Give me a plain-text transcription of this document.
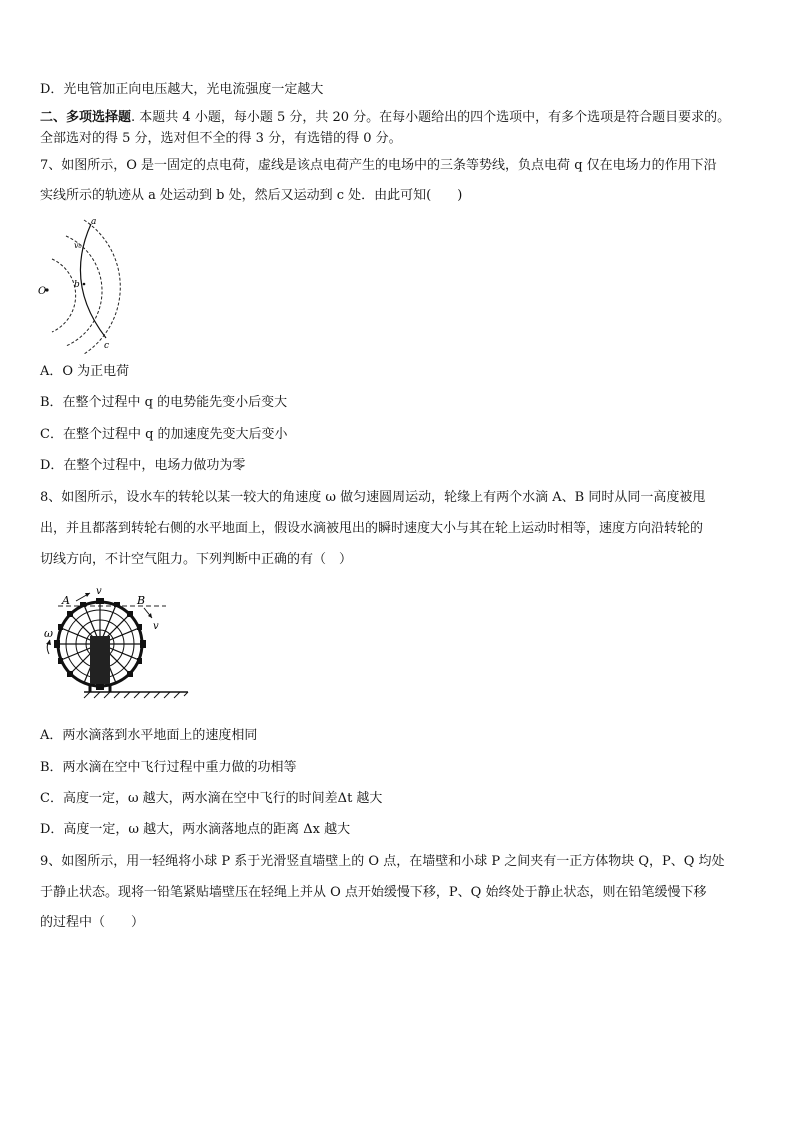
D．光电管加正向电压越大，光电流强度一定越大
二、多项选择题. 本题共 4 小题，每小题 5 分，共 20 分。在每小题给出的四个选项中，有多个选项是符合题目要求的。
全部选对的得 5 分，选对但不全的得 3 分，有选错的得 0 分。
7、如图所示，O 是一固定的点电荷，虚线是该点电荷产生的电场中的三条等势线，负点电荷 q 仅在电场力的作用下沿
实线所示的轨迹从 a 处运动到 b 处，然后又运动到 c 处．由此可知(　　)
O
a
v₀
b
c
A．O 为正电荷
B．在整个过程中 q 的电势能先变小后变大
C．在整个过程中 q 的加速度先变大后变小
D．在整个过程中，电场力做功为零
8、如图所示，设水车的转轮以某一较大的角速度 ω 做匀速圆周运动，轮缘上有两个水滴 A、B 同时从同一高度被甩
出，并且都落到转轮右侧的水平地面上，假设水滴被甩出的瞬时速度大小与其在轮上运动时相等，速度方向沿转轮的
切线方向，不计空气阻力。下列判断中正确的有（　）
A	B
v
v
ω
A．两水滴落到水平地面上的速度相同
B．两水滴在空中飞行过程中重力做的功相等
C．高度一定，ω 越大，两水滴在空中飞行的时间差Δt 越大
D．高度一定，ω 越大，两水滴落地点的距离 Δx 越大
9、如图所示，用一轻绳将小球 P 系于光滑竖直墙壁上的 O 点，在墙壁和小球 P 之间夹有一正方体物块 Q，P、Q 均处
于静止状态。现将一铅笔紧贴墙壁压在轻绳上并从 O 点开始缓慢下移，P、Q 始终处于静止状态，则在铅笔缓慢下移
的过程中（　　）
